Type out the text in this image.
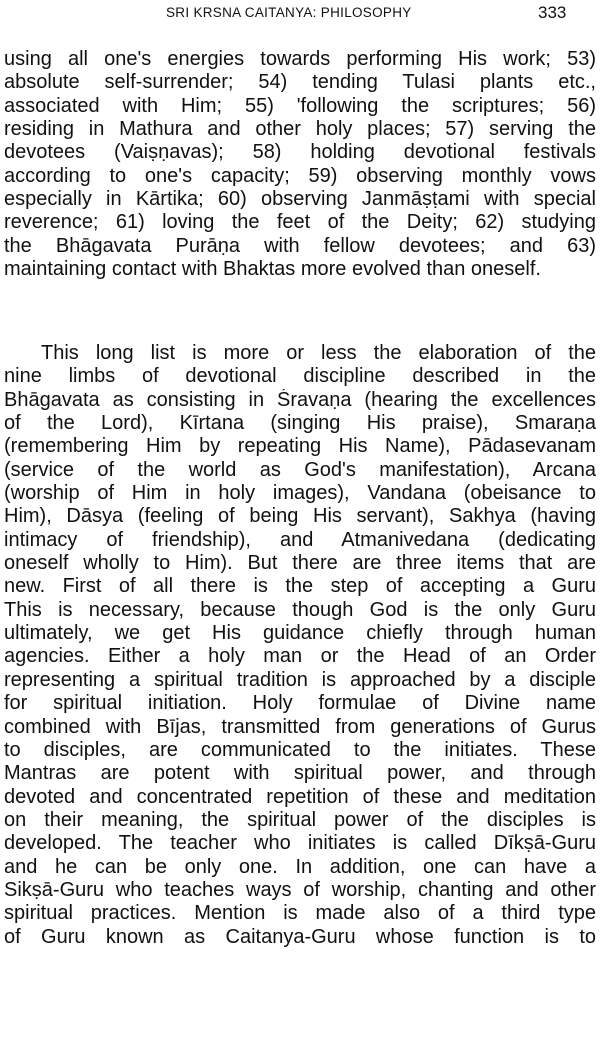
SRI KRSNA CAITANYA: PHILOSOPHY	333
using all one's energies towards performing His work; 53)
absolute self-surrender; 54) tending Tulasi plants etc.,
associated with Him; 55) 'following the scriptures; 56)
residing in Mathura and other holy places; 57) serving the
devotees (Vaiṣṇavas); 58) holding devotional festivals
according to one's capacity; 59) observing monthly vows
especially in Kārtika; 60) observing Janmāṣṭami with special
reverence; 61) loving the feet of the Deity; 62) studying
the Bhāgavata Purāṇa with fellow devotees; and 63)
maintaining contact with Bhaktas more evolved than oneself.
This long list is more or less the elaboration of the
nine limbs of devotional discipline described in the
Bhāgavata as consisting in Śravaṇa (hearing the excellences
of the Lord), Kīrtana (singing His praise), Smaraṇa
(remembering Him by repeating His Name), Pādasevanam
(service of the world as God's manifestation), Arcana
(worship of Him in holy images), Vandana (obeisance to
Him), Dāsya (feeling of being His servant), Sakhya (having
intimacy of friendship), and Atmanivedana (dedicating
oneself wholly to Him). But there are three items that are
new. First of all there is the step of accepting a Guru
This is necessary, because though God is the only Guru
ultimately, we get His guidance chiefly through human
agencies. Either a holy man or the Head of an Order
representing a spiritual tradition is approached by a disciple
for spiritual initiation. Holy formulae of Divine name
combined with Bījas, transmitted from generations of Gurus
to disciples, are communicated to the initiates. These
Mantras are potent with spiritual power, and through
devoted and concentrated repetition of these and meditation
on their meaning, the spiritual power of the disciples is
developed. The teacher who initiates is called Dīkṣā-Guru
and he can be only one. In addition, one can have a
Sikṣā-Guru who teaches ways of worship, chanting and other
spiritual practices. Mention is made also of a third type
of Guru known as Caitanya-Guru whose function is to
